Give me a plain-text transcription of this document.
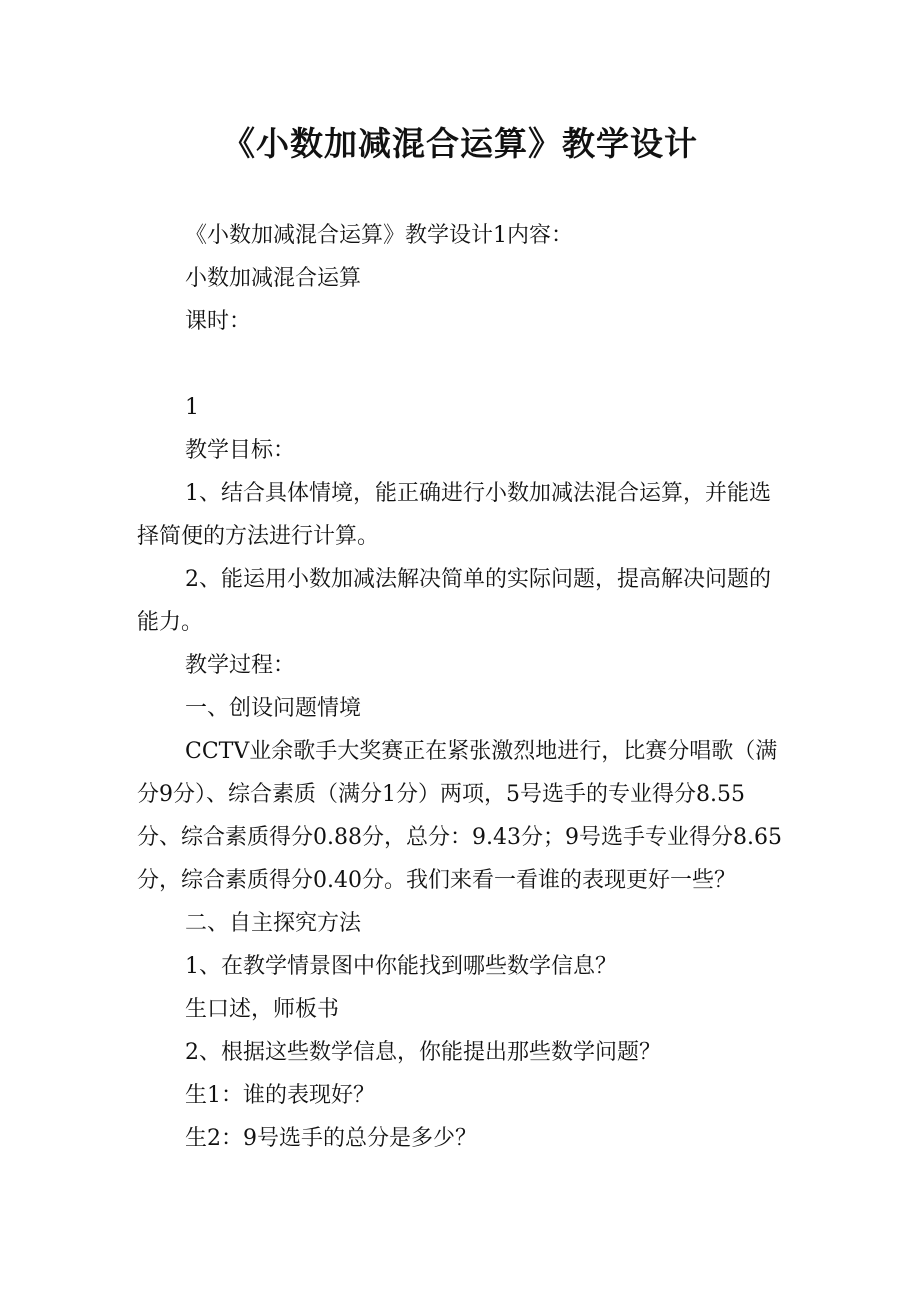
《小数加减混合运算》教学设计

《小数加减混合运算》教学设计1内容：

小数加减混合运算

课时：

1

教学目标：

1、结合具体情境，能正确进行小数加减法混合运算，并能选择简便的方法进行计算。

2、能运用小数加减法解决简单的实际问题，提高解决问题的能力。

教学过程：

一、创设问题情境

CCTV业余歌手大奖赛正在紧张激烈地进行，比赛分唱歌（满分9分）、综合素质（满分1分）两项，5号选手的专业得分8.55分、综合素质得分0.88分，总分：9.43分；9号选手专业得分8.65分，综合素质得分0.40分。我们来看一看谁的表现更好一些？

二、自主探究方法

1、在教学情景图中你能找到哪些数学信息？

生口述，师板书

2、根据这些数学信息，你能提出那些数学问题？

生1：谁的表现好？

生2：9号选手的总分是多少？
